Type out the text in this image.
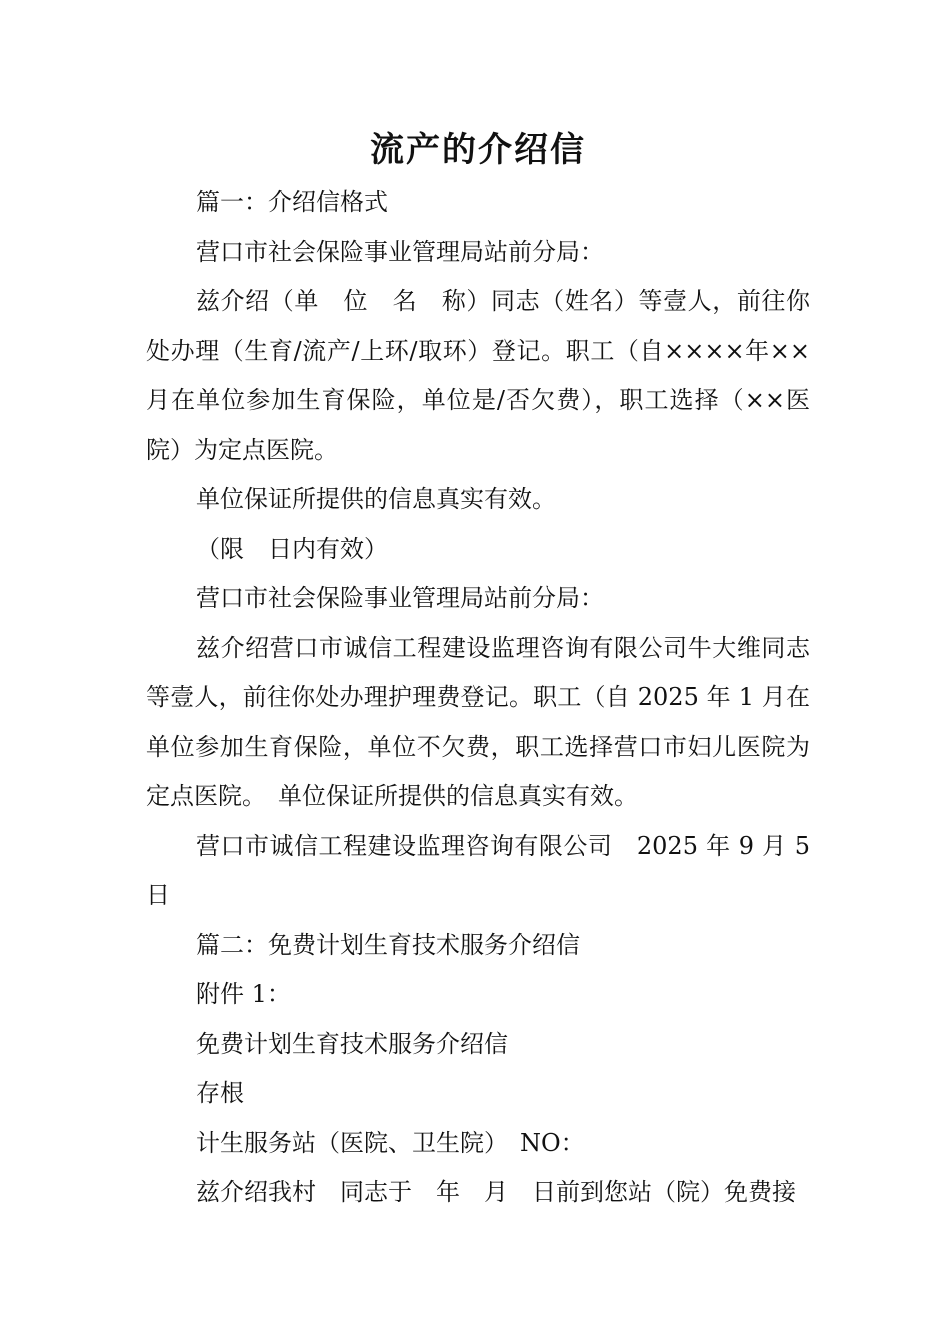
流产的介绍信

篇一：介绍信格式

营口市社会保险事业管理局站前分局：

兹介绍（单　位　名　称）同志（姓名）等壹人，前往你处办理（生育/流产/上环/取环）登记。职工（自××××年××月在单位参加生育保险，单位是/否欠费），职工选择（××医院）为定点医院。

单位保证所提供的信息真实有效。

（限　日内有效）

营口市社会保险事业管理局站前分局：

兹介绍营口市诚信工程建设监理咨询有限公司牛大维同志等壹人，前往你处办理护理费登记。职工（自 2025 年 1 月在单位参加生育保险，单位不欠费，职工选择营口市妇儿医院为定点医院。　单位保证所提供的信息真实有效。

营口市诚信工程建设监理咨询有限公司　2025 年 9 月 5 日

篇二：免费计划生育技术服务介绍信

附件 1：

免费计划生育技术服务介绍信

存根

计生服务站（医院、卫生院）　NO：

兹介绍我村　同志于　年　月　日前到您站（院）免费接
